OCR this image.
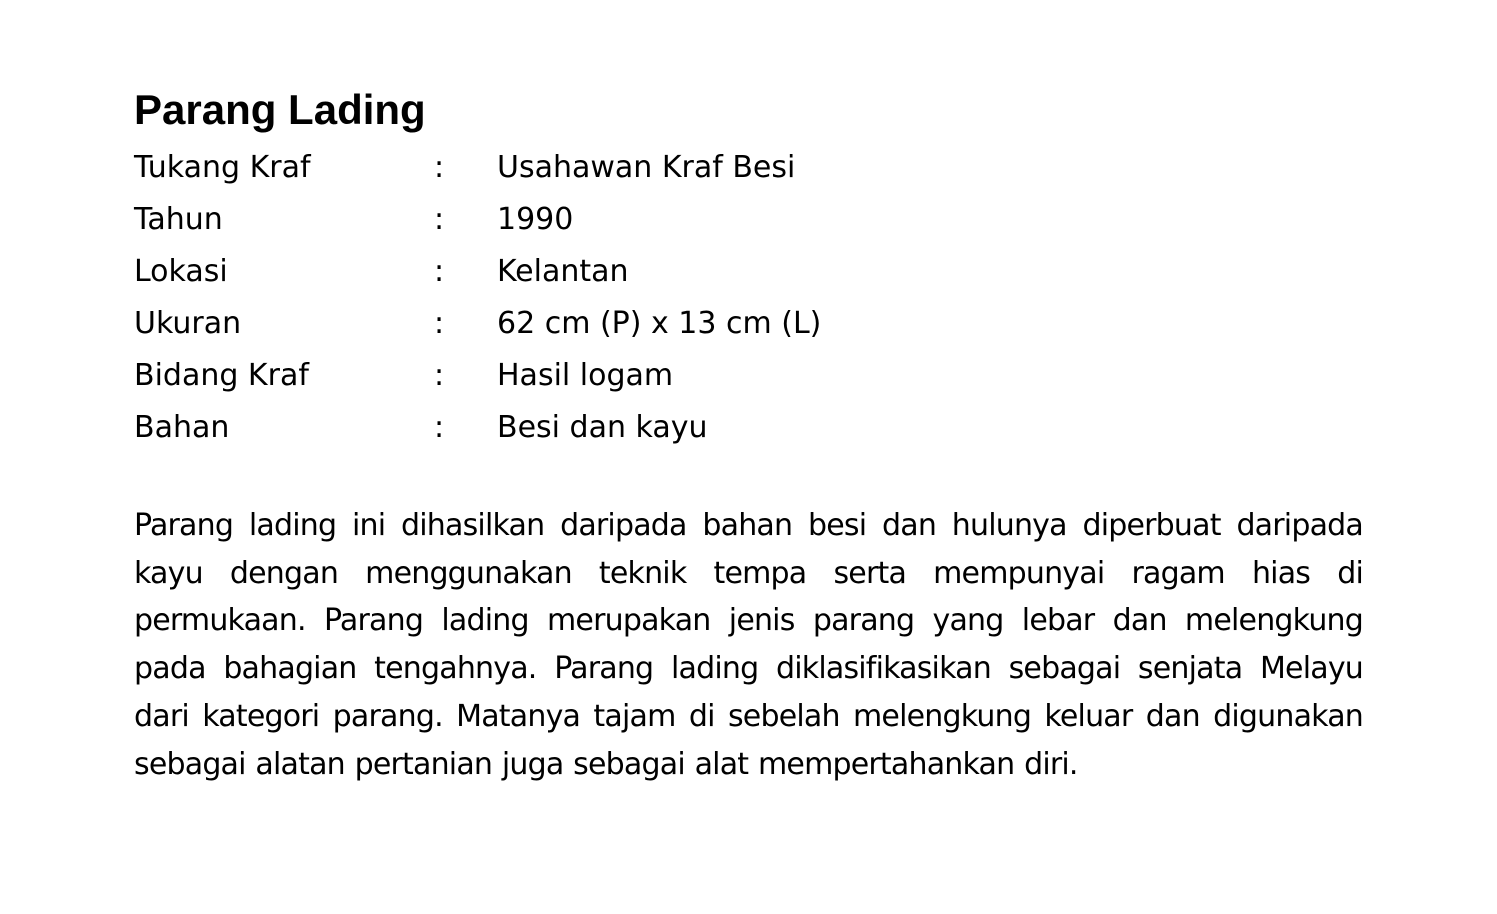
Parang Lading
Tukang Kraf	:	Usahawan Kraf Besi
Tahun	:	1990
Lokasi	:	Kelantan
Ukuran	:	62 cm (P) x 13 cm (L)
Bidang Kraf	:	Hasil logam
Bahan	:	Besi dan kayu

Parang lading ini dihasilkan daripada bahan besi dan hulunya diperbuat daripada kayu dengan menggunakan teknik tempa serta mempunyai ragam hias di permukaan. Parang lading merupakan jenis parang yang lebar dan melengkung pada bahagian tengahnya. Parang lading diklasifikasikan sebagai senjata Melayu dari kategori parang. Matanya tajam di sebelah melengkung keluar dan digunakan sebagai alatan pertanian juga sebagai alat mempertahankan diri.
